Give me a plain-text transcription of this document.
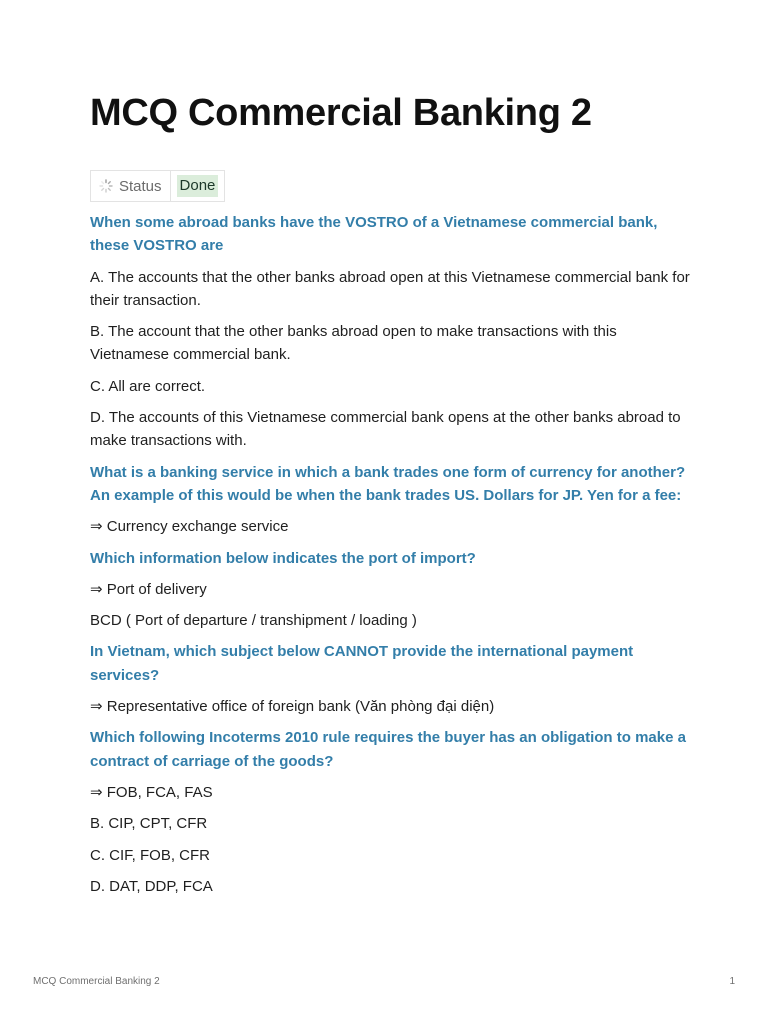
MCQ Commercial Banking 2
Status Done

When some abroad banks have the VOSTRO of a Vietnamese commercial bank, these VOSTRO are

A. The accounts that the other banks abroad open at this Vietnamese commercial bank for their transaction.

B. The account that the other banks abroad open to make transactions with this Vietnamese commercial bank.

C. All are correct.

D. The accounts of this Vietnamese commercial bank opens at the other banks abroad to make transactions with.

What is a banking service in which a bank trades one form of currency for another? An example of this would be when the bank trades US. Dollars for JP. Yen for a fee:

⇒ Currency exchange service

Which information below indicates the port of import?

⇒ Port of delivery

BCD ( Port of departure / transhipment / loading )

In Vietnam, which subject below CANNOT provide the international payment services?

⇒ Representative office of foreign bank (Văn phòng đại diện)

Which following Incoterms 2010 rule requires the buyer has an obligation to make a contract of carriage of the goods?

⇒ FOB, FCA, FAS

B. CIP, CPT, CFR

C. CIF, FOB, CFR

D. DAT, DDP, FCA

MCQ Commercial Banking 2	1
